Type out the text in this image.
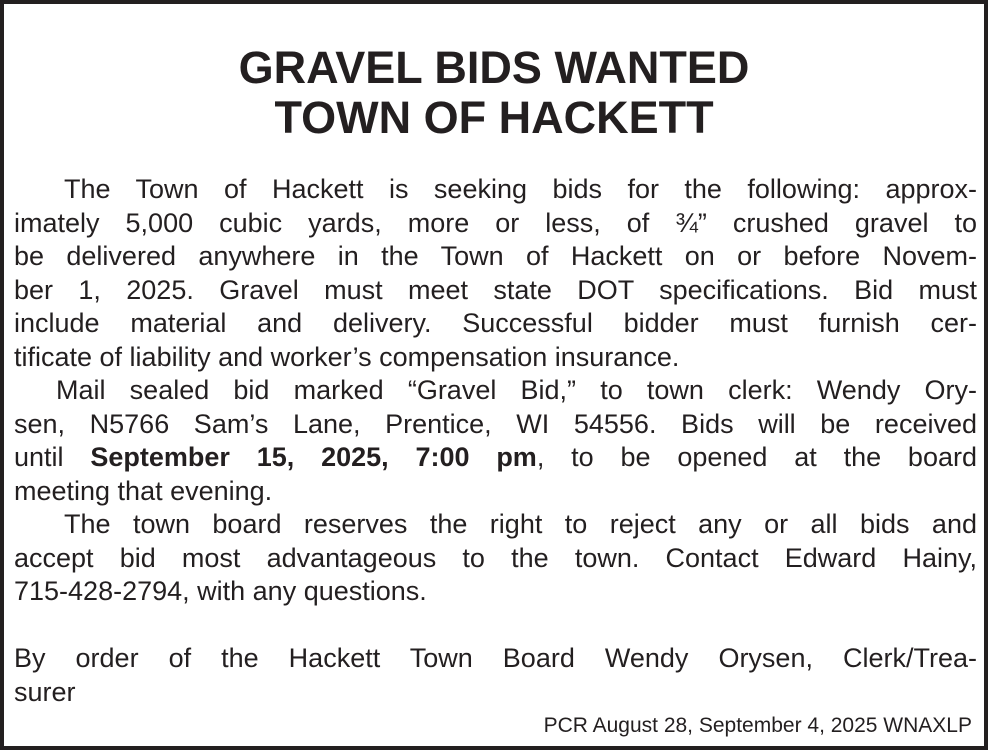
GRAVEL BIDS WANTED
TOWN OF HACKETT
The Town of Hackett is seeking bids for the following: approx-
imately 5,000 cubic yards, more or less, of ¾” crushed gravel to
be delivered anywhere in the Town of Hackett on or before Novem-
ber 1, 2025. Gravel must meet state DOT specifications. Bid must
include material and delivery. Successful bidder must furnish cer-
tificate of liability and worker’s compensation insurance.
Mail sealed bid marked “Gravel Bid,” to town clerk: Wendy Ory-
sen, N5766 Sam’s Lane, Prentice, WI 54556. Bids will be received
until September 15, 2025, 7:00 pm, to be opened at the board
meeting that evening.
The town board reserves the right to reject any or all bids and
accept bid most advantageous to the town. Contact Edward Hainy,
715-428-2794, with any questions.
By order of the Hackett Town Board Wendy Orysen, Clerk/Trea-
surer
PCR August 28, September 4, 2025 WNAXLP
